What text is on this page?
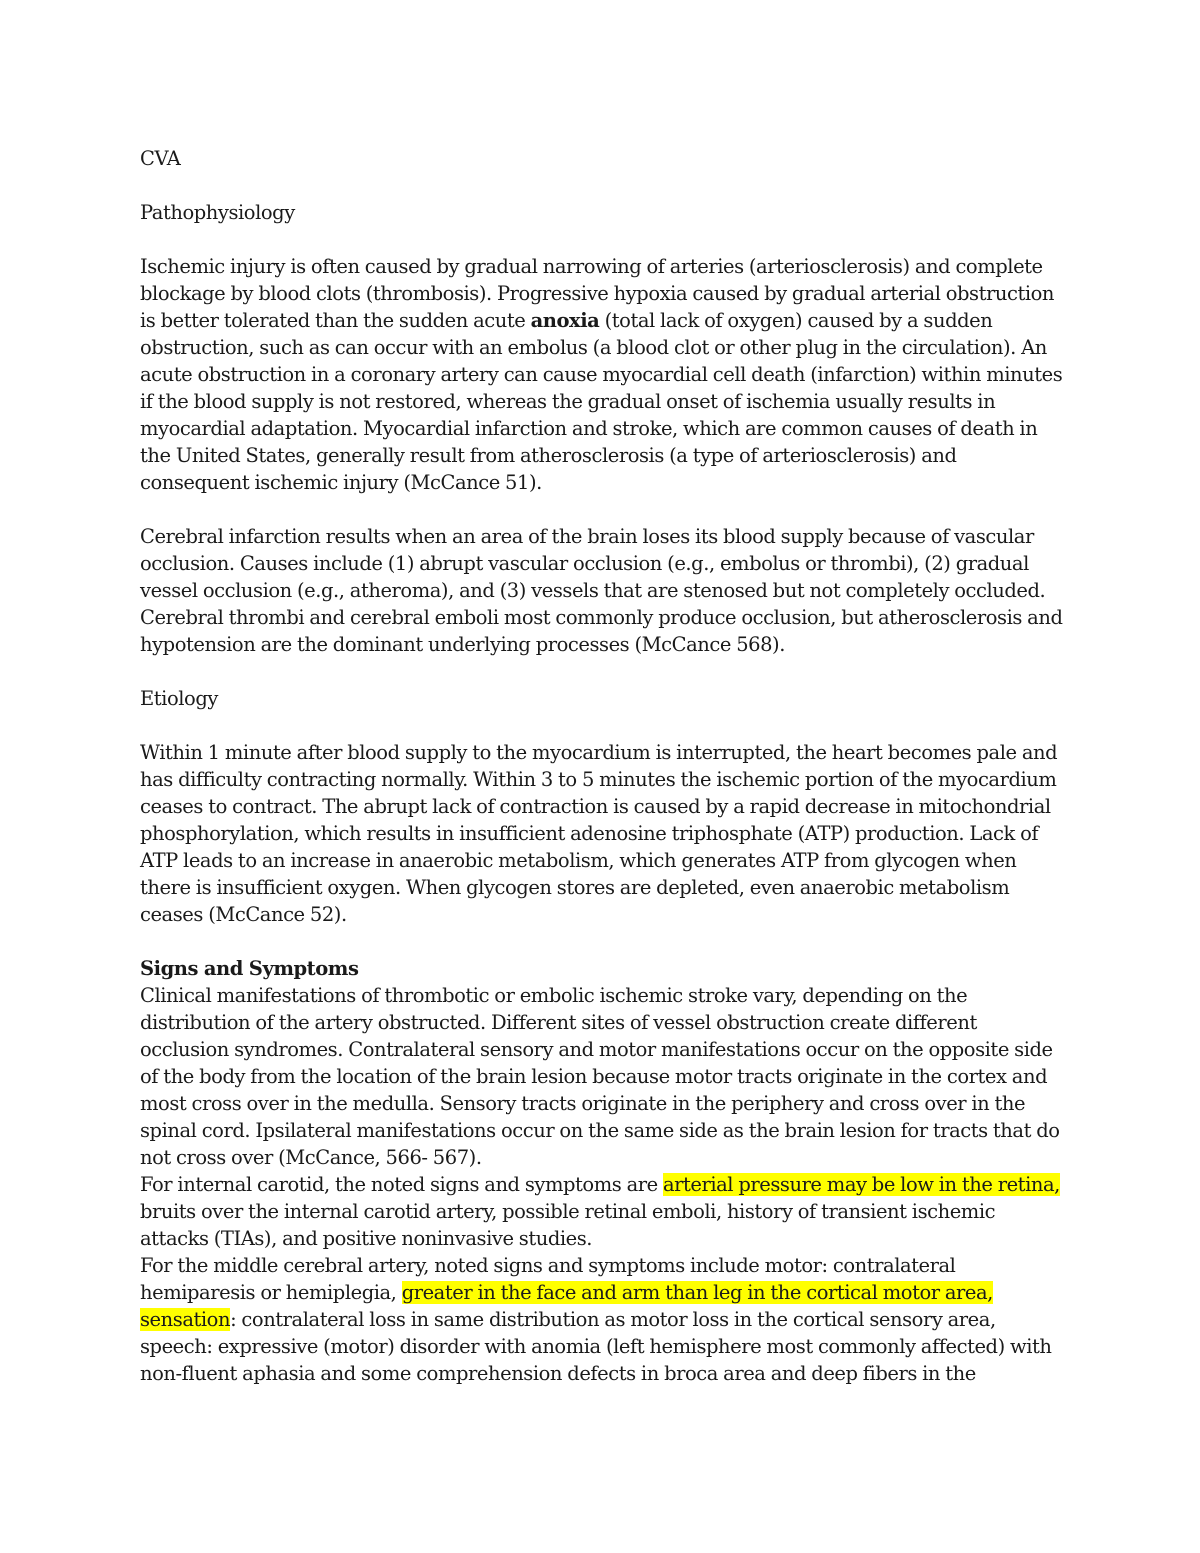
CVA

Pathophysiology

Ischemic injury is often caused by gradual narrowing of arteries (arteriosclerosis) and complete blockage by blood clots (thrombosis). Progressive hypoxia caused by gradual arterial obstruction is better tolerated than the sudden acute anoxia (total lack of oxygen) caused by a sudden obstruction, such as can occur with an embolus (a blood clot or other plug in the circulation). An acute obstruction in a coronary artery can cause myocardial cell death (infarction) within minutes if the blood supply is not restored, whereas the gradual onset of ischemia usually results in myocardial adaptation. Myocardial infarction and stroke, which are common causes of death in the United States, generally result from atherosclerosis (a type of arteriosclerosis) and consequent ischemic injury (McCance 51).

Cerebral infarction results when an area of the brain loses its blood supply because of vascular occlusion. Causes include (1) abrupt vascular occlusion (e.g., embolus or thrombi), (2) gradual vessel occlusion (e.g., atheroma), and (3) vessels that are stenosed but not completely occluded. Cerebral thrombi and cerebral emboli most commonly produce occlusion, but atherosclerosis and hypotension are the dominant underlying processes (McCance 568).

Etiology

Within 1 minute after blood supply to the myocardium is interrupted, the heart becomes pale and has difficulty contracting normally. Within 3 to 5 minutes the ischemic portion of the myocardium ceases to contract. The abrupt lack of contraction is caused by a rapid decrease in mitochondrial phosphorylation, which results in insufficient adenosine triphosphate (ATP) production. Lack of ATP leads to an increase in anaerobic metabolism, which generates ATP from glycogen when there is insufficient oxygen. When glycogen stores are depleted, even anaerobic metabolism ceases (McCance 52).

Signs and Symptoms

Clinical manifestations of thrombotic or embolic ischemic stroke vary, depending on the distribution of the artery obstructed. Different sites of vessel obstruction create different occlusion syndromes. Contralateral sensory and motor manifestations occur on the opposite side of the body from the location of the brain lesion because motor tracts originate in the cortex and most cross over in the medulla. Sensory tracts originate in the periphery and cross over in the spinal cord. Ipsilateral manifestations occur on the same side as the brain lesion for tracts that do not cross over (McCance, 566- 567).

For internal carotid, the noted signs and symptoms are arterial pressure may be low in the retina, bruits over the internal carotid artery, possible retinal emboli, history of transient ischemic attacks (TIAs), and positive noninvasive studies.

For the middle cerebral artery, noted signs and symptoms include motor: contralateral hemiparesis or hemiplegia, greater in the face and arm than leg in the cortical motor area, sensation: contralateral loss in same distribution as motor loss in the cortical sensory area, speech: expressive (motor) disorder with anomia (left hemisphere most commonly affected) with non-fluent aphasia and some comprehension defects in broca area and deep fibers in the
